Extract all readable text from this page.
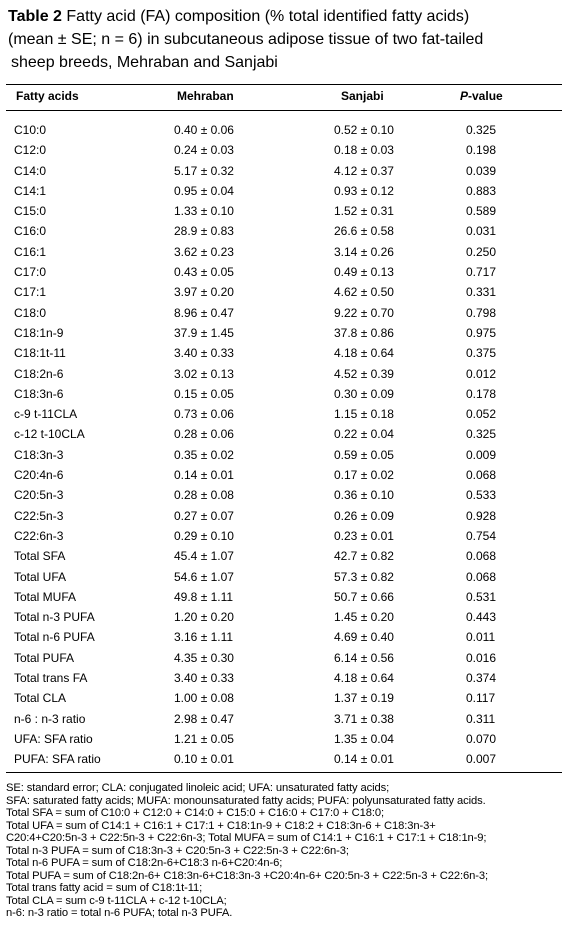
Table 2 Fatty acid (FA) composition (% total identified fatty acids)
(mean ± SE; n = 6) in subcutaneous adipose tissue of two fat-tailed
sheep breeds, Mehraban and Sanjabi
Fatty acids	Mehraban	Sanjabi	P-value
C10:0	0.40 ± 0.06	0.52 ± 0.10	0.325
C12:0	0.24 ± 0.03	0.18 ± 0.03	0.198
C14:0	5.17 ± 0.32	4.12 ± 0.37	0.039
C14:1	0.95 ± 0.04	0.93 ± 0.12	0.883
C15:0	1.33 ± 0.10	1.52 ± 0.31	0.589
C16:0	28.9 ± 0.83	26.6 ± 0.58	0.031
C16:1	3.62 ± 0.23	3.14 ± 0.26	0.250
C17:0	0.43 ± 0.05	0.49 ± 0.13	0.717
C17:1	3.97 ± 0.20	4.62 ± 0.50	0.331
C18:0	8.96 ± 0.47	9.22 ± 0.70	0.798
C18:1n-9	37.9 ± 1.45	37.8 ± 0.86	0.975
C18:1t-11	3.40 ± 0.33	4.18 ± 0.64	0.375
C18:2n-6	3.02 ± 0.13	4.52 ± 0.39	0.012
C18:3n-6	0.15 ± 0.05	0.30 ± 0.09	0.178
c-9 t-11CLA	0.73 ± 0.06	1.15 ± 0.18	0.052
c-12 t-10CLA	0.28 ± 0.06	0.22 ± 0.04	0.325
C18:3n-3	0.35 ± 0.02	0.59 ± 0.05	0.009
C20:4n-6	0.14 ± 0.01	0.17 ± 0.02	0.068
C20:5n-3	0.28 ± 0.08	0.36 ± 0.10	0.533
C22:5n-3	0.27 ± 0.07	0.26 ± 0.09	0.928
C22:6n-3	0.29 ± 0.10	0.23 ± 0.01	0.754
Total SFA	45.4 ± 1.07	42.7 ± 0.82	0.068
Total UFA	54.6 ± 1.07	57.3 ± 0.82	0.068
Total MUFA	49.8 ± 1.11	50.7 ± 0.66	0.531
Total n-3 PUFA	1.20 ± 0.20	1.45 ± 0.20	0.443
Total n-6 PUFA	3.16 ± 1.11	4.69 ± 0.40	0.011
Total PUFA	4.35 ± 0.30	6.14 ± 0.56	0.016
Total trans FA	3.40 ± 0.33	4.18 ± 0.64	0.374
Total CLA	1.00 ± 0.08	1.37 ± 0.19	0.117
n-6 : n-3 ratio	2.98 ± 0.47	3.71 ± 0.38	0.311
UFA: SFA ratio	1.21 ± 0.05	1.35 ± 0.04	0.070
PUFA: SFA ratio	0.10 ± 0.01	0.14 ± 0.01	0.007
SE: standard error; CLA: conjugated linoleic acid; UFA: unsaturated fatty acids;
SFA: saturated fatty acids; MUFA: monounsaturated fatty acids; PUFA: polyunsaturated fatty acids.
Total SFA = sum of C10:0 + C12:0 + C14:0 + C15:0 + C16:0 + C17:0 + C18:0;
Total UFA = sum of C14:1 + C16:1 + C17:1 + C18:1n-9 + C18:2 + C18:3n-6 + C18:3n-3+
C20:4+C20:5n-3 + C22:5n-3 + C22:6n-3; Total MUFA = sum of C14:1 + C16:1 + C17:1 + C18:1n-9;
Total n-3 PUFA = sum of C18:3n-3 + C20:5n-3 + C22:5n-3 + C22:6n-3;
Total n-6 PUFA = sum of C18:2n-6+C18:3 n-6+C20:4n-6;
Total PUFA = sum of C18:2n-6+ C18:3n-6+C18:3n-3 +C20:4n-6+ C20:5n-3 + C22:5n-3 + C22:6n-3;
Total trans fatty acid = sum of C18:1t-11;
Total CLA = sum c-9 t-11CLA + c-12 t-10CLA;
n-6: n-3 ratio = total n-6 PUFA; total n-3 PUFA.
